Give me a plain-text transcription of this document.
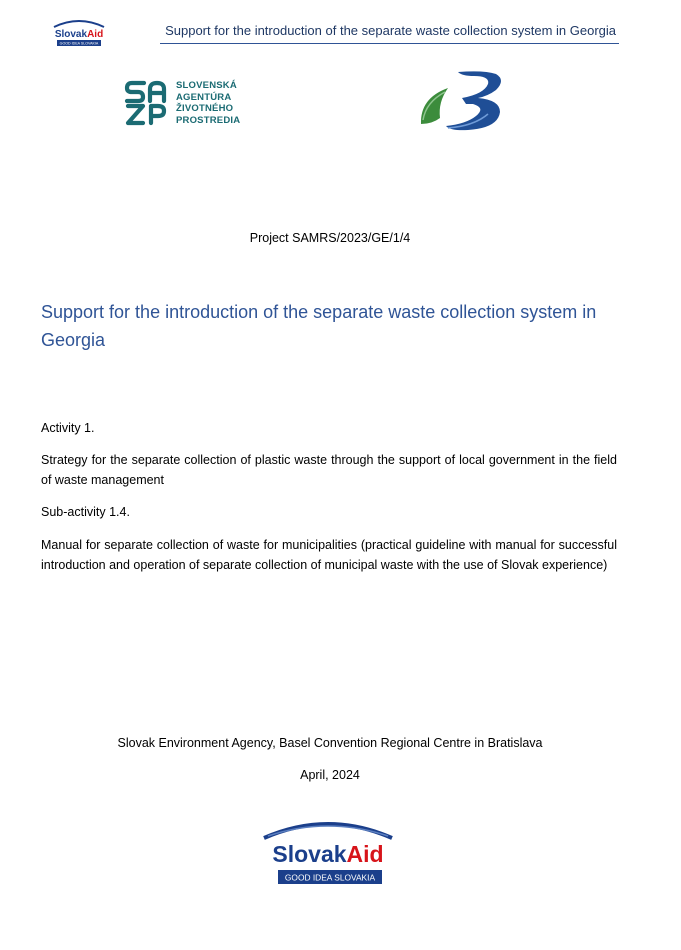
SlovakAid
GOOD IDEA SLOVAKIA
Support for the introduction of the separate waste collection system in Georgia
SLOVENSKÁ
AGENTÚRA
ŽIVOTNÉHO
PROSTREDIA
Project SAMRS/2023/GE/1/4
Support for the introduction of the separate waste collection system in Georgia
Activity 1.
Strategy for the separate collection of plastic waste through the support of local government in the field of waste management
Sub-activity 1.4.
Manual for separate collection of waste for municipalities (practical guideline with manual for successful introduction and operation of separate collection of municipal waste with the use of Slovak experience)
Slovak Environment Agency, Basel Convention Regional Centre in Bratislava
April, 2024
SlovakAid
GOOD IDEA SLOVAKIA
